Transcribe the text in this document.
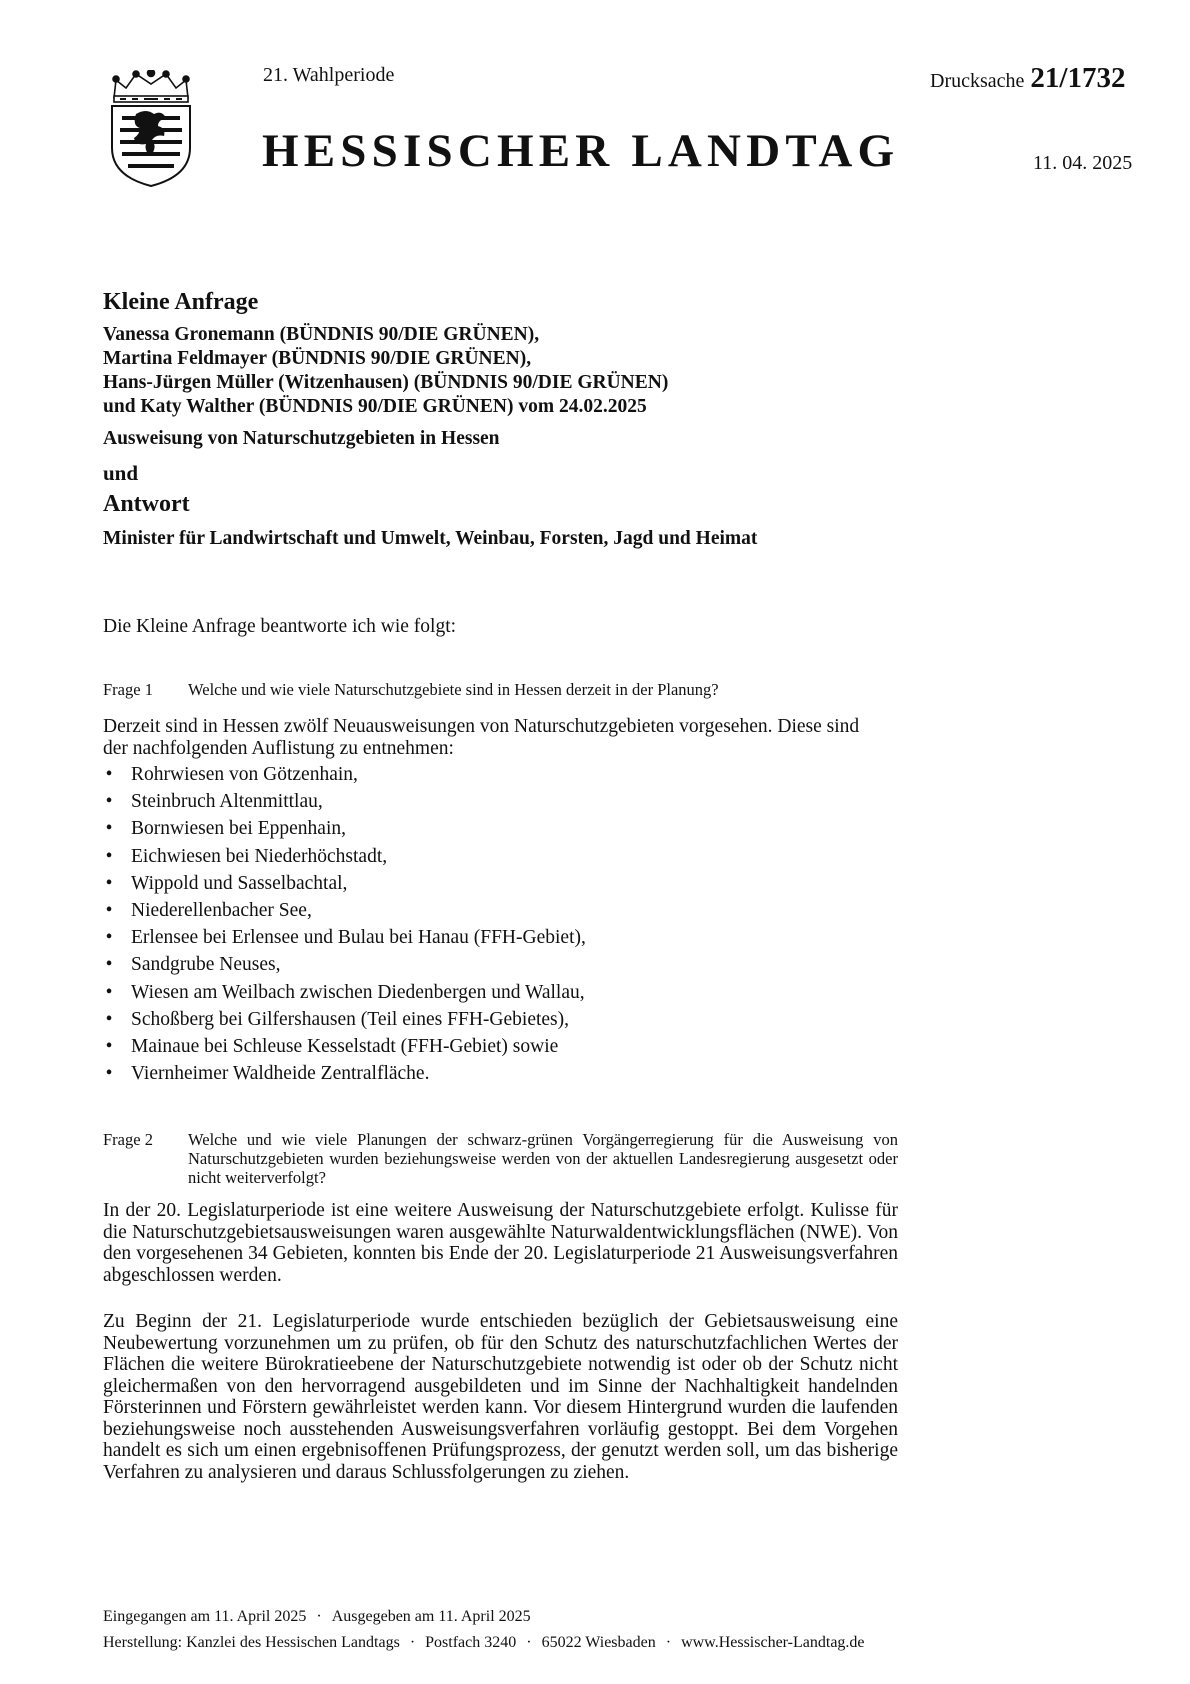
21. Wahlperiode	Drucksache 21/1732
HESSISCHER LANDTAG	11. 04. 2025
Kleine Anfrage
Vanessa Gronemann (BÜNDNIS 90/DIE GRÜNEN),
Martina Feldmayer (BÜNDNIS 90/DIE GRÜNEN),
Hans-Jürgen Müller (Witzenhausen) (BÜNDNIS 90/DIE GRÜNEN)
und Katy Walther (BÜNDNIS 90/DIE GRÜNEN) vom 24.02.2025
Ausweisung von Naturschutzgebieten in Hessen
und
Antwort
Minister für Landwirtschaft und Umwelt, Weinbau, Forsten, Jagd und Heimat
Die Kleine Anfrage beantworte ich wie folgt:
Frage 1	Welche und wie viele Naturschutzgebiete sind in Hessen derzeit in der Planung?
Derzeit sind in Hessen zwölf Neuausweisungen von Naturschutzgebieten vorgesehen. Diese sind
der nachfolgenden Auflistung zu entnehmen:
• Rohrwiesen von Götzenhain,
• Steinbruch Altenmittlau,
• Bornwiesen bei Eppenhain,
• Eichwiesen bei Niederhöchstadt,
• Wippold und Sasselbachtal,
• Niederellenbacher See,
• Erlensee bei Erlensee und Bulau bei Hanau (FFH-Gebiet),
• Sandgrube Neuses,
• Wiesen am Weilbach zwischen Diedenbergen und Wallau,
• Schoßberg bei Gilfershausen (Teil eines FFH-Gebietes),
• Mainaue bei Schleuse Kesselstadt (FFH-Gebiet) sowie
• Viernheimer Waldheide Zentralfläche.
Frage 2	Welche und wie viele Planungen der schwarz-grünen Vorgängerregierung für die Ausweisung von Naturschutzgebieten wurden beziehungsweise werden von der aktuellen Landesregierung ausgesetzt oder nicht weiterverfolgt?
In der 20. Legislaturperiode ist eine weitere Ausweisung der Naturschutzgebiete erfolgt. Kulisse für die Naturschutzgebietsausweisungen waren ausgewählte Naturwaldentwicklungsflächen (NWE). Von den vorgesehenen 34 Gebieten, konnten bis Ende der 20. Legislaturperiode 21 Ausweisungsverfahren abgeschlossen werden.
Zu Beginn der 21. Legislaturperiode wurde entschieden bezüglich der Gebietsausweisung eine Neubewertung vorzunehmen um zu prüfen, ob für den Schutz des naturschutzfachlichen Wertes der Flächen die weitere Bürokratieebene der Naturschutzgebiete notwendig ist oder ob der Schutz nicht gleichermaßen von den hervorragend ausgebildeten und im Sinne der Nachhaltigkeit handelnden Försterinnen und Förstern gewährleistet werden kann. Vor diesem Hintergrund wurden die laufenden beziehungsweise noch ausstehenden Ausweisungsverfahren vorläufig gestoppt. Bei dem Vorgehen handelt es sich um einen ergebnisoffenen Prüfungsprozess, der genutzt werden soll, um das bisherige Verfahren zu analysieren und daraus Schlussfolgerungen zu ziehen.
Eingegangen am 11. April 2025 · Ausgegeben am 11. April 2025
Herstellung: Kanzlei des Hessischen Landtags · Postfach 3240 · 65022 Wiesbaden · www.Hessischer-Landtag.de
